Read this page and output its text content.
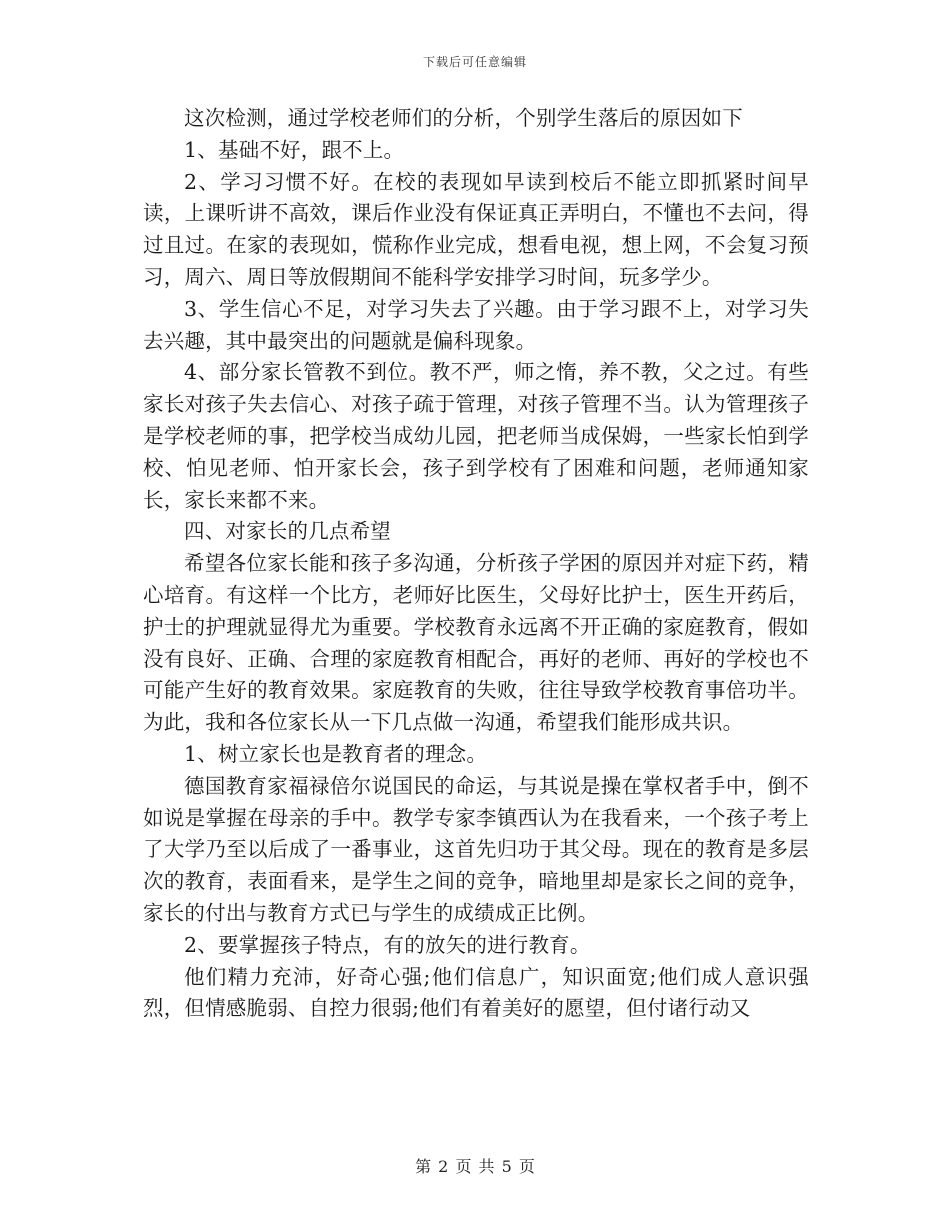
下载后可任意编辑

这次检测，通过学校老师们的分析，个别学生落后的原因如下

1、基础不好，跟不上。

2、学习习惯不好。在校的表现如早读到校后不能立即抓紧时间早读，上课听讲不高效，课后作业没有保证真正弄明白，不懂也不去问，得过且过。在家的表现如，慌称作业完成，想看电视，想上网，不会复习预习，周六、周日等放假期间不能科学安排学习时间，玩多学少。

3、学生信心不足，对学习失去了兴趣。由于学习跟不上，对学习失去兴趣，其中最突出的问题就是偏科现象。

4、部分家长管教不到位。教不严，师之惰，养不教，父之过。有些家长对孩子失去信心、对孩子疏于管理，对孩子管理不当。认为管理孩子是学校老师的事，把学校当成幼儿园，把老师当成保姆，一些家长怕到学校、怕见老师、怕开家长会，孩子到学校有了困难和问题，老师通知家长，家长来都不来。

四、对家长的几点希望

希望各位家长能和孩子多沟通，分析孩子学困的原因并对症下药，精心培育。有这样一个比方，老师好比医生，父母好比护士，医生开药后，护士的护理就显得尤为重要。学校教育永远离不开正确的家庭教育，假如没有良好、正确、合理的家庭教育相配合，再好的老师、再好的学校也不可能产生好的教育效果。家庭教育的失败，往往导致学校教育事倍功半。为此，我和各位家长从一下几点做一沟通，希望我们能形成共识。

1、树立家长也是教育者的理念。

德国教育家福禄倍尔说国民的命运，与其说是操在掌权者手中，倒不如说是掌握在母亲的手中。教学专家李镇西认为在我看来，一个孩子考上了大学乃至以后成了一番事业，这首先归功于其父母。现在的教育是多层次的教育，表面看来，是学生之间的竞争，暗地里却是家长之间的竞争，家长的付出与教育方式已与学生的成绩成正比例。

2、要掌握孩子特点，有的放矢的进行教育。

他们精力充沛，好奇心强;他们信息广，知识面宽;他们成人意识强烈，但情感脆弱、自控力很弱;他们有着美好的愿望，但付诸行动又

第 2 页 共 5 页
